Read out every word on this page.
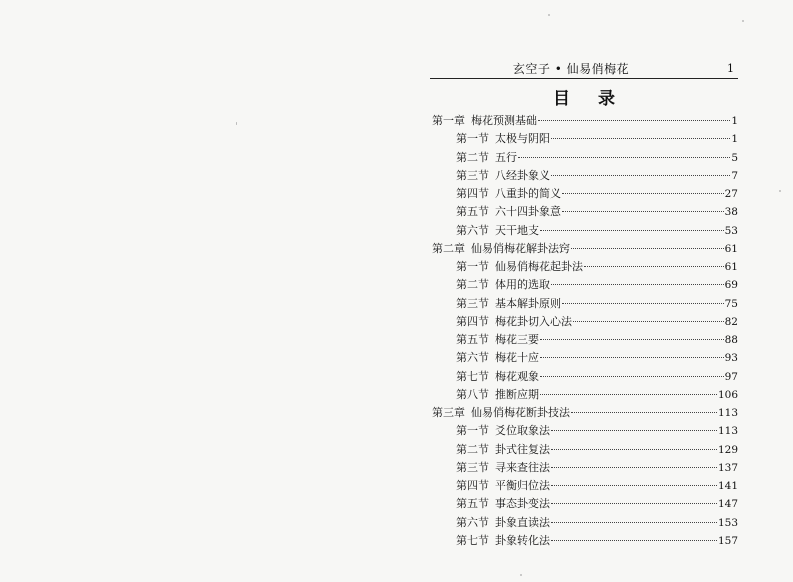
玄空子 • 仙易俏梅花	1
目 录
第一章 梅花预测基础	1
第一节 太极与阴阳	1
第二节 五行	5
第三节 八经卦象义	7
第四节 八重卦的简义	27
第五节 六十四卦象意	38
第六节 天干地支	53
第二章 仙易俏梅花解卦法窍	61
第一节 仙易俏梅花起卦法	61
第二节 体用的选取	69
第三节 基本解卦原则	75
第四节 梅花卦切入心法	82
第五节 梅花三要	88
第六节 梅花十应	93
第七节 梅花观象	97
第八节 推断应期	106
第三章 仙易俏梅花断卦技法	113
第一节 爻位取象法	113
第二节 卦式往复法	129
第三节 寻来查往法	137
第四节 平衡归位法	141
第五节 事态卦变法	147
第六节 卦象直读法	153
第七节 卦象转化法	157
